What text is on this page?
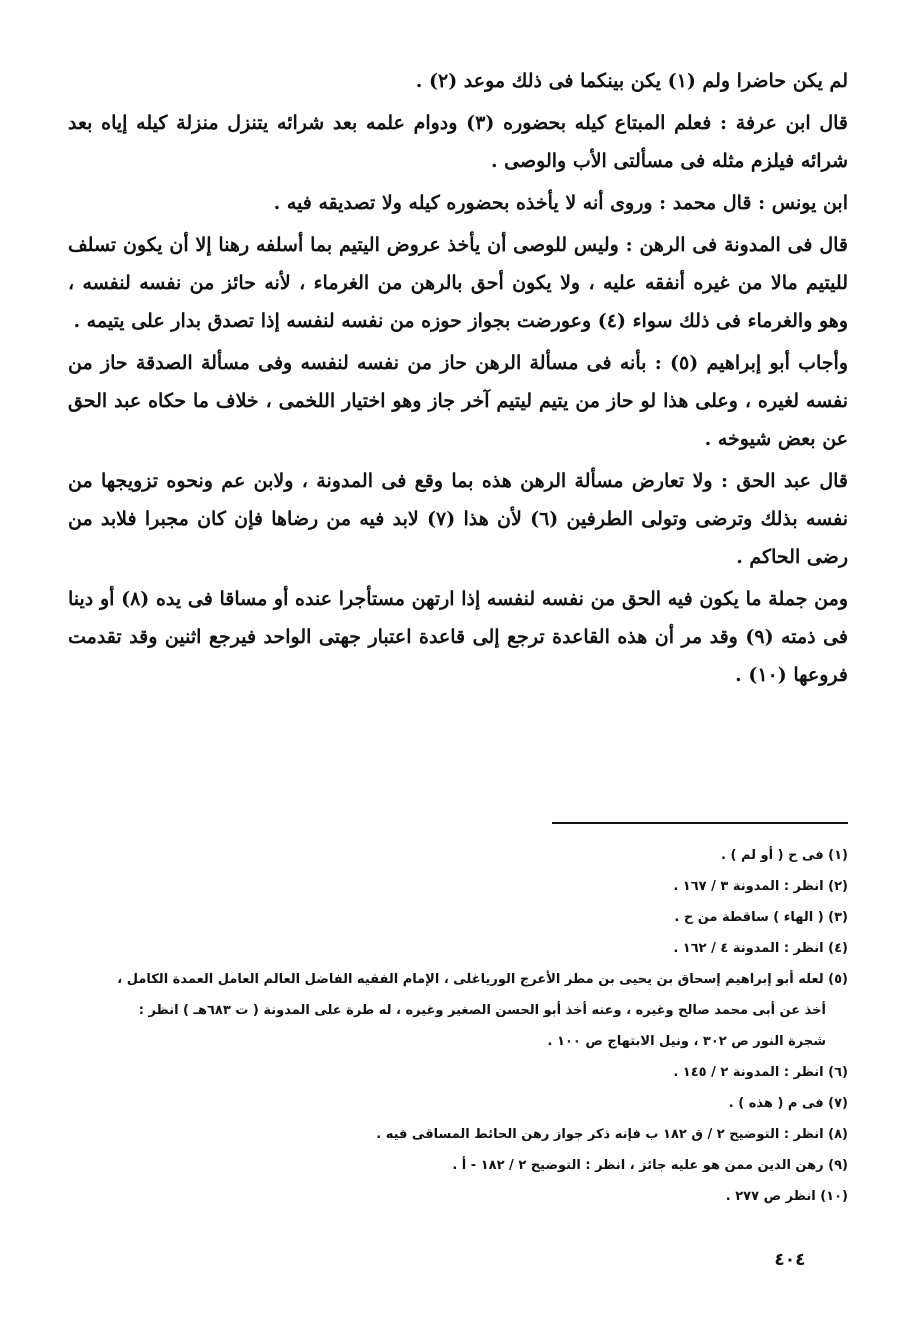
لم يكن حاضرا ولم (١) يكن بينكما فى ذلك موعد (٢) .

قال ابن عرفة : فعلم المبتاع كيله بحضوره (٣) ودوام علمه بعد شرائه يتنزل منزلة كيله إياه بعد شرائه فيلزم مثله فى مسألتى الأب والوصى .

ابن يونس : قال محمد : وروى أنه لا يأخذه بحضوره كيله ولا تصديقه فيه .

قال فى المدونة فى الرهن : وليس للوصى أن يأخذ عروض اليتيم بما أسلفه رهنا إلا أن يكون تسلف لليتيم مالا من غيره أنفقه عليه ، ولا يكون أحق بالرهن من الغرماء ، لأنه حائز من نفسه لنفسه ، وهو والغرماء فى ذلك سواء (٤) وعورضت بجواز حوزه من نفسه لنفسه إذا تصدق بدار على يتيمه .

وأجاب أبو إبراهيم (٥) : بأنه فى مسألة الرهن حاز من نفسه لنفسه وفى مسألة الصدقة حاز من نفسه لغيره ، وعلى هذا لو حاز من يتيم ليتيم آخر جاز وهو اختيار اللخمى ، خلاف ما حكاه عبد الحق عن بعض شيوخه .

قال عبد الحق : ولا تعارض مسألة الرهن هذه بما وقع فى المدونة ، ولابن عم ونحوه تزويجها من نفسه بذلك وترضى وتولى الطرفين (٦) لأن هذا (٧) لابد فيه من رضاها فإن كان مجبرا فلابد من رضى الحاكم .

ومن جملة ما يكون فيه الحق من نفسه لنفسه إذا ارتهن مستأجرا عنده أو مساقا فى يده (٨) أو دينا فى ذمته (٩) وقد مر أن هذه القاعدة ترجع إلى قاعدة اعتبار جهتى الواحد فيرجع اثنين وقد تقدمت فروعها (١٠) .

(١) فى ح ( أو لم ) .

(٢) انظر : المدونة ٣ / ١٦٧ .

(٣) ( الهاء ) ساقطة من ح .

(٤) انظر : المدونة ٤ / ١٦٢ .

(٥) لعله أبو إبراهيم إسحاق بن يحيى بن مطر الأعرج الورياغلى ، الإمام الفقيه الفاضل العالم العامل العمدة الكامل ،

أخذ عن أبى محمد صالح وغيره ، وعنه أخذ أبو الحسن الصغير وغيره ، له طرة على المدونة ( ت ٦٨٣هـ ) انظر :

شجرة النور ص ٣٠٢ ، ونيل الابتهاج ص ١٠٠ .

(٦) انظر : المدونة ٢ / ١٤٥ .

(٧) فى م ( هذه ) .

(٨) انظر : التوضيح ٢ / ق ١٨٢ ب فإنه ذكر جواز رهن الحائط المساقى فيه .

(٩) رهن الدين ممن هو عليه جائز ، انظر : التوضيح ٢ / ١٨٢ - أ .

(١٠) انظر ص ٢٧٧ .

٤٠٤
